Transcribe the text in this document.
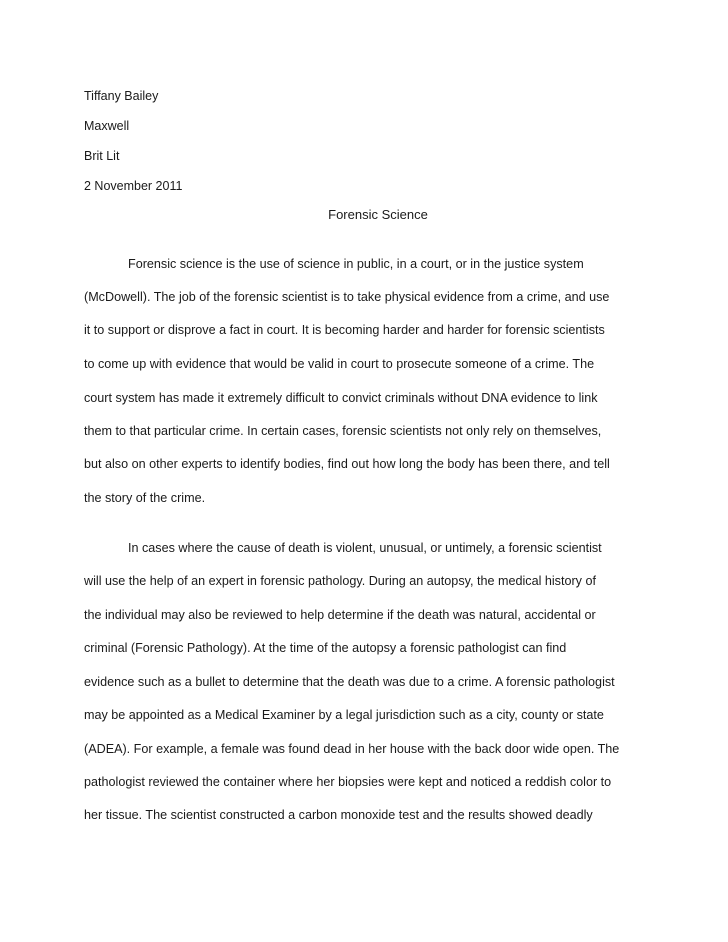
Tiffany Bailey
Maxwell
Brit Lit
2 November 2011
Forensic Science
Forensic science is the use of science in public, in a court, or in the justice system
(McDowell). The job of the forensic scientist is to take physical evidence from a crime, and use
it to support or disprove a fact in court. It is becoming harder and harder for forensic scientists
to come up with evidence that would be valid in court to prosecute someone of a crime. The
court system has made it extremely difficult to convict criminals without DNA evidence to link
them to that particular crime. In certain cases, forensic scientists not only rely on themselves,
but also on other experts to identify bodies, find out how long the body has been there, and tell
the story of the crime.
In cases where the cause of death is violent, unusual, or untimely, a forensic scientist
will use the help of an expert in forensic pathology. During an autopsy, the medical history of
the individual may also be reviewed to help determine if the death was natural, accidental or
criminal (Forensic Pathology). At the time of the autopsy a forensic pathologist can find
evidence such as a bullet to determine that the death was due to a crime. A forensic pathologist
may be appointed as a Medical Examiner by a legal jurisdiction such as a city, county or state
(ADEA). For example, a female was found dead in her house with the back door wide open. The
pathologist reviewed the container where her biopsies were kept and noticed a reddish color to
her tissue. The scientist constructed a carbon monoxide test and the results showed deadly
